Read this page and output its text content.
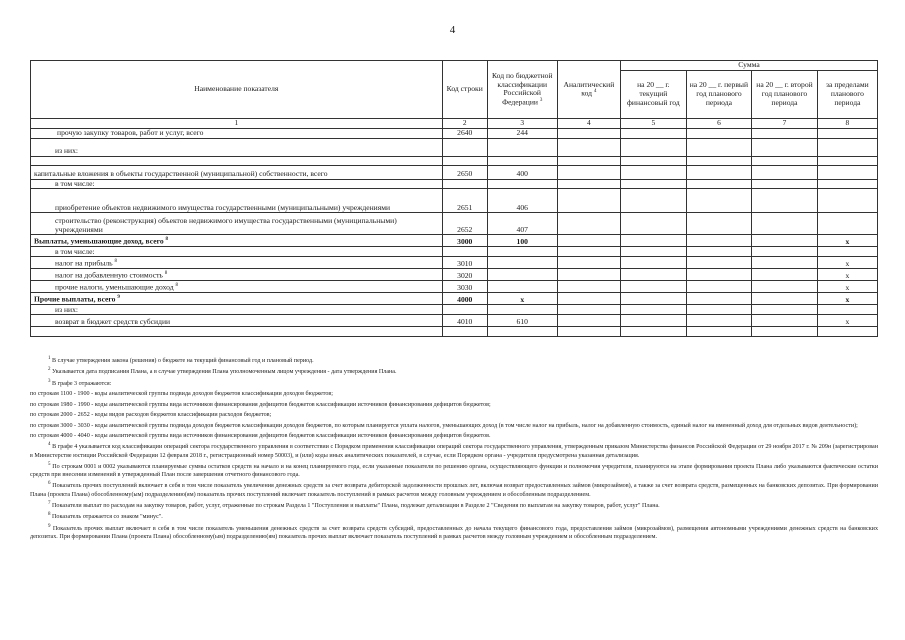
4
Наименование показателя	Код строки	Код по бюджетной классификации Российской Федерации $^3$	Аналитический код $^4$	Сумма			
				на 20 __ г. текущий финансовый год	на 20 __ г. первый год планового периода	на 20 __ г. второй год планового периода	за пределами планового периода
1	2	3	4	5	6	7	8
прочую закупку товаров, работ и услуг, всего	2640	244					
из них:							

капитальные вложения в объекты государственной (муниципальной) собственности, всего	2650	400					
в том числе:							
приобретение объектов недвижимого имущества государственными (муниципальными) учреждениями	2651	406					
строительство (реконструкция) объектов недвижимого имущества государственными (муниципальными) учреждениями	2652	407					
Выплаты, уменьшающие доход, всего $^8$	3000	100					x
в том числе:							
налог на прибыль $^8$	3010						x
налог на добавленную стоимость $^8$	3020						x
прочие налоги, уменьшающие доход $^8$	3030						x
Прочие выплаты, всего $^9$	4000	x					x
из них:							
возврат в бюджет средств субсидии	4010	610					x

$^1$ В случае утверждения закона (решения) о бюджете на текущий финансовый год и плановый период.
$^2$ Указывается дата подписания Плана, а в случае утверждения Плана уполномоченным лицом учреждения - дата утверждения Плана.
$^3$ В графе 3 отражаются:
по строкам 1100 - 1900 - коды аналитической группы подвида доходов бюджетов классификации доходов бюджетов;
по строкам 1980 - 1990 - коды аналитической группы вида источников финансирования дефицитов бюджетов классификации источников финансирования дефицитов бюджетов;
по строкам 2000 - 2652 - коды видов расходов бюджетов классификации расходов бюджетов;
по строкам 3000 - 3030 - коды аналитической группы подвида доходов бюджетов классификации доходов бюджетов, по которым планируется уплата налогов, уменьшающих доход (в том числе налог на прибыль, налог на добавленную стоимость, единый налог на вмененный доход для отдельных видов деятельности);
по строкам 4000 - 4040 - коды аналитической группы вида источников финансирования дефицитов бюджетов классификации источников финансирования дефицитов бюджетов.
$^4$ В графе 4 указывается код классификации операций сектора государственного управления в соответствии с Порядком применения классификации операций сектора государственного управления, утвержденным приказом Министерства финансов Российской Федерации от 29 ноября 2017 г. № 209н (зарегистрирован в Министерстве юстиции Российской Федерации 12 февраля 2018 г., регистрационный номер 50003), и (или) коды иных аналитических показателей, в случае, если Порядком органа - учредителя предусмотрена указанная детализация.
$^5$ По строкам 0001 и 0002 указываются планируемые суммы остатков средств на начало и на конец планируемого года, если указанные показатели по решению органа, осуществляющего функции и полномочия учредителя, планируются на этапе формирования проекта Плана либо указываются фактические остатки средств при внесении изменений в утвержденный План после завершения отчетного финансового года.
$^6$ Показатель прочих поступлений включает в себя в том числе показатель увеличения денежных средств за счет возврата дебиторской задолженности прошлых лет, включая возврат предоставленных займов (микрозаймов), а также за счет возврата средств, размещенных на банковских депозитах. При формировании Плана (проекта Плана) обособленному(ым) подразделению(ям) показатель прочих поступлений включает показатель поступлений в рамках расчетов между головным учреждением и обособленным подразделением.
$^7$ Показатели выплат по расходам на закупку товаров, работ, услуг, отраженные по строкам Раздела 1 "Поступления и выплаты" Плана, подлежат детализации в Разделе 2 "Сведения по выплатам на закупку товаров, работ, услуг" Плана.
$^8$ Показатель отражается со знаком "минус".
$^9$ Показатель прочих выплат включает в себя в том числе показатель уменьшения денежных средств за счет возврата средств субсидий, предоставленных до начала текущего финансового года, предоставления займов (микрозаймов), размещения автономными учреждениями денежных средств на банковских депозитах. При формировании Плана (проекта Плана) обособленному(ым) подразделению(ям) показатель прочих выплат включает показатель поступлений в рамках расчетов между головным учреждением и обособленным подразделением.
